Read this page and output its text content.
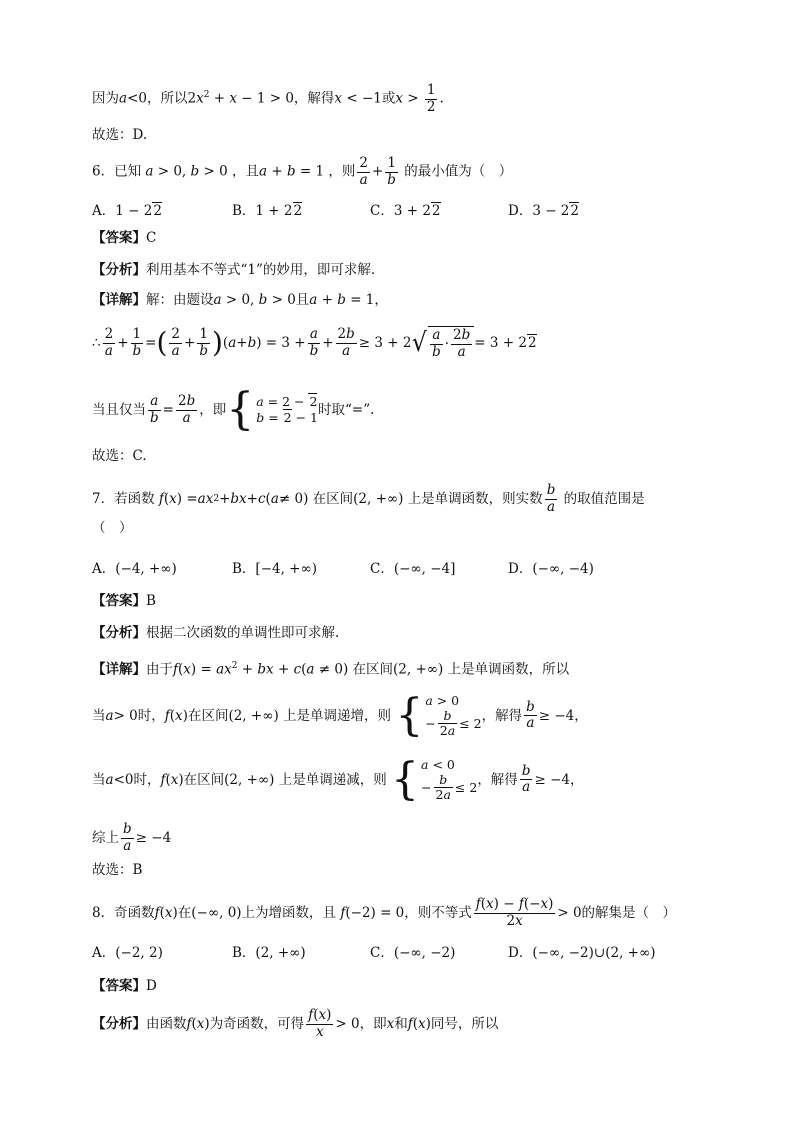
因为a<0，所以$2x^2 + x - 1 > 0$，解得x < −1或$x > \frac{1}{2}$ .
故选：D.
6．已知 a > 0, b > 0 ，且a + b = 1 ，则 $\frac{2}{a} + \frac{1}{b}$ 的最小值为（　）
A．1 − 22	B．1 + 22	C．3 + 22	D．3 − 22
【答案】C
【分析】利用基本不等式“1”的妙用，即可求解.
【详解】解：由题设a > 0, b > 0且a + b = 1，
∴ $\frac{2}{a} + \frac{1}{b}$ = ( $\frac{2}{a} + \frac{1}{b}$ ) ( a + b ) = $3 + \frac{a}{b} + \frac{2b}{a} \ge 3 + 2$ √ $\frac{a}{b} \cdot \frac{2b}{a} = 3 + 2$ 2
当且仅当 $\frac{a}{b} = \frac{2b}{a}$ ，即 { a = 2 − 2
b = 2 − 1 时取“=”.
故选：C.
7．若函数
f ( x ) = ax 2 + bx + c ( a ≠ 0) 在区间 (2, +∞) 上是单调函数，则实数 $\frac{b}{a}$
的取值范围是
（　）
A．(−4, +∞)	B．[−4, +∞)	C．(−∞, −4]	D．(−∞, −4)
【答案】B
【分析】根据二次函数的单调性即可求解.
【详解】由于$f(x) = ax^2$ + bx + c(a ≠ 0) 在区间(2, +∞) 上是单调函数，所以
当 a > 0 时， f ( x ) 在区间 (2, +∞) 上是单调递增，则
{ a > 0
− $\frac{b}{2a} \le 2$ ，解得 $\frac{b}{a} \ge -4$ ，
当 a <0 时， f ( x ) 在区间 (2, +∞) 上是单调递减，则
{ a < 0
− $\frac{b}{2a} \le 2$ ，解得 $\frac{b}{a} \ge -4$ ，
综上 $\frac{b}{a} \ge -4$
故选：B
8．奇函数 f ( x ) 在 (−∞, 0) 上为增函数，且
f (−2) = 0 ，则不等式 $\frac{f(x) - f(-x)}{2x} > 0$ 的解集是（　）
A．(−2, 2)	B．(2, +∞)	C．(−∞, −2)	D．(−∞, −2)∪(2, +∞)
【答案】D
【分析】 由函数 f ( x ) 为奇函数，可得 $\frac{f(x)}{x} > 0$ ，即 x 和 f ( x ) 同号，所以
